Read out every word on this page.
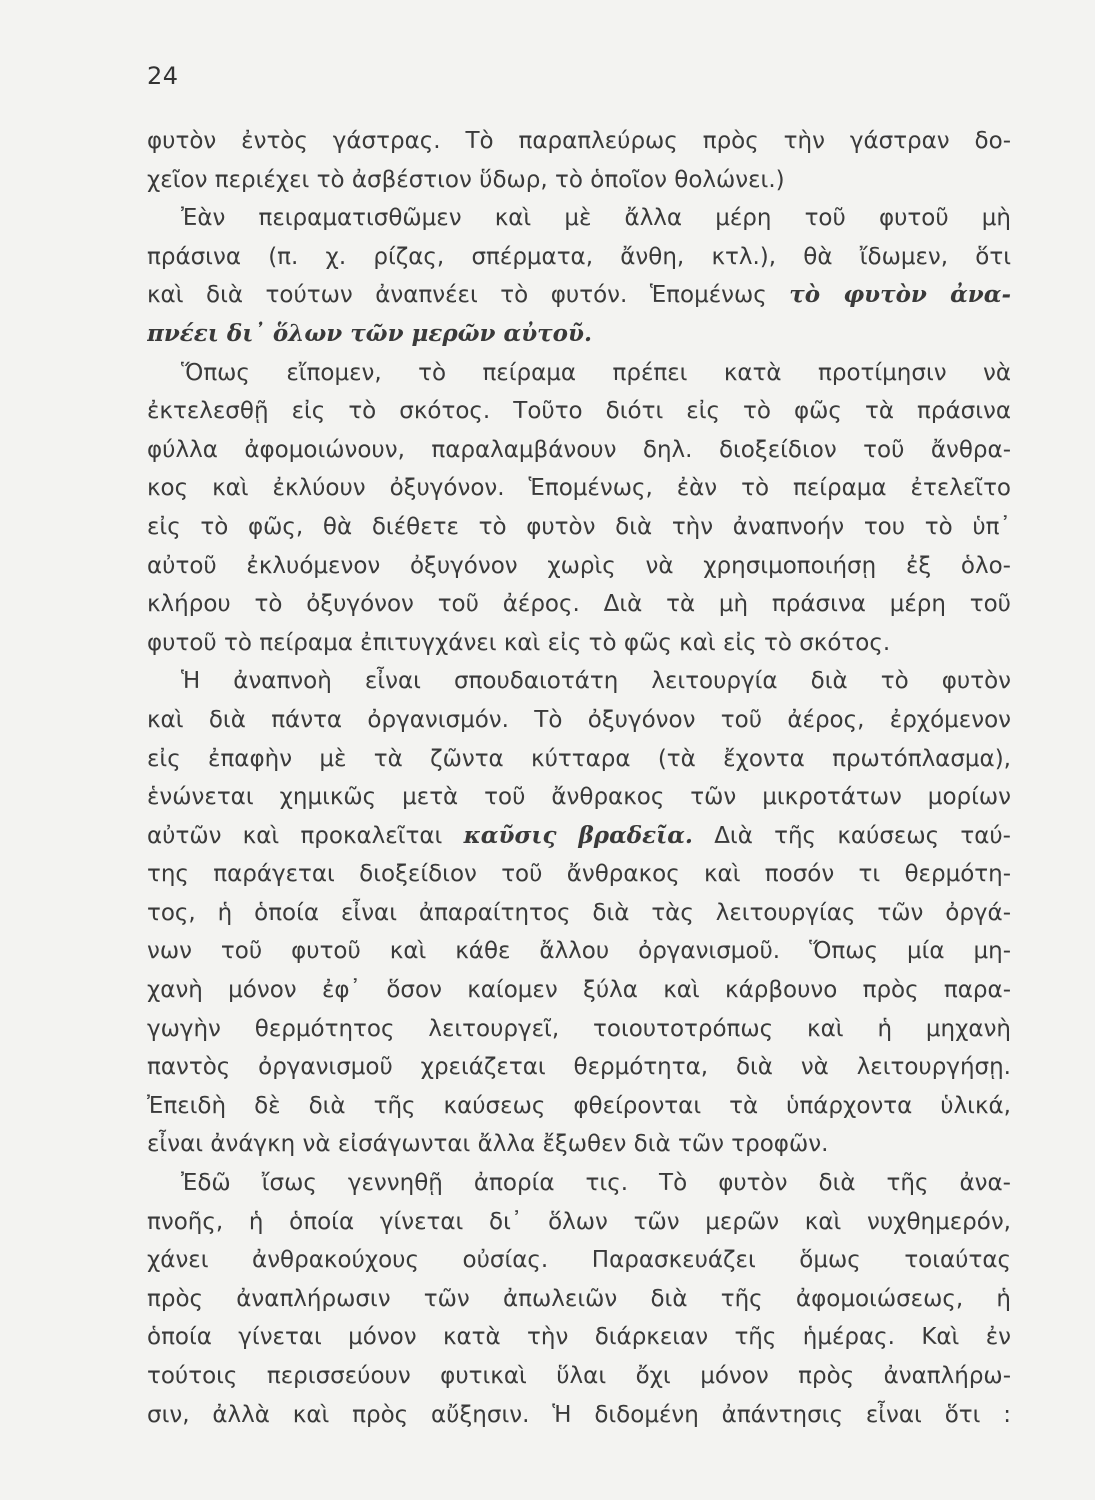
24
φυτὸν ἐντὸς γάστρας. Τὸ παραπλεύρως πρὸς τὴν γάστραν δο-
χεῖον περιέχει τὸ ἀσβέστιον ὕδωρ, τὸ ὁποῖον θολώνει.)
Ἐὰν πειραματισθῶμεν καὶ μὲ ἄλλα μέρη τοῦ φυτοῦ μὴ
πράσινα (π. χ. ρίζας, σπέρματα, ἄνθη, κτλ.), θὰ ἴδωμεν, ὅτι
καὶ διὰ τούτων ἀναπνέει τὸ φυτόν. Ἑπομένως τὸ φυτὸν ἀνα-
πνέει δι᾽ ὅλων τῶν μερῶν αὐτοῦ.
Ὅπως εἴπομεν, τὸ πείραμα πρέπει κατὰ προτίμησιν νὰ
ἐκτελεσθῇ εἰς τὸ σκότος. Τοῦτο διότι εἰς τὸ φῶς τὰ πράσινα
φύλλα ἀφομοιώνουν, παραλαμβάνουν δηλ. διοξείδιον τοῦ ἄνθρα-
κος καὶ ἐκλύουν ὀξυγόνον. Ἑπομένως, ἐὰν τὸ πείραμα ἐτελεῖτο
εἰς τὸ φῶς, θὰ διέθετε τὸ φυτὸν διὰ τὴν ἀναπνοήν του τὸ ὑπ᾽
αὐτοῦ ἐκλυόμενον ὀξυγόνον χωρὶς νὰ χρησιμοποιήσῃ ἐξ ὁλο-
κλήρου τὸ ὀξυγόνον τοῦ ἀέρος. Διὰ τὰ μὴ πράσινα μέρη τοῦ
φυτοῦ τὸ πείραμα ἐπιτυγχάνει καὶ εἰς τὸ φῶς καὶ εἰς τὸ σκότος.
Ἡ ἀναπνοὴ εἶναι σπουδαιοτάτη λειτουργία διὰ τὸ φυτὸν
καὶ διὰ πάντα ὀργανισμόν. Τὸ ὀξυγόνον τοῦ ἀέρος, ἐρχόμενον
εἰς ἐπαφὴν μὲ τὰ ζῶντα κύτταρα (τὰ ἔχοντα πρωτόπλασμα),
ἑνώνεται χημικῶς μετὰ τοῦ ἄνθρακος τῶν μικροτάτων μορίων
αὐτῶν καὶ προκαλεῖται καῦσις βραδεῖα. Διὰ τῆς καύσεως ταύ-
της παράγεται διοξείδιον τοῦ ἄνθρακος καὶ ποσόν τι θερμότη-
τος, ἡ ὁποία εἶναι ἀπαραίτητος διὰ τὰς λειτουργίας τῶν ὀργά-
νων τοῦ φυτοῦ καὶ κάθε ἄλλου ὀργανισμοῦ. Ὅπως μία μη-
χανὴ μόνον ἐφ᾽ ὅσον καίομεν ξύλα καὶ κάρβουνο πρὸς παρα-
γωγὴν θερμότητος λειτουργεῖ, τοιουτοτρόπως καὶ ἡ μηχανὴ
παντὸς ὀργανισμοῦ χρειάζεται θερμότητα, διὰ νὰ λειτουργήσῃ.
Ἐπειδὴ δὲ διὰ τῆς καύσεως φθείρονται τὰ ὑπάρχοντα ὑλικά,
εἶναι ἀνάγκη νὰ εἰσάγωνται ἄλλα ἔξωθεν διὰ τῶν τροφῶν.
Ἐδῶ ἴσως γεννηθῇ ἀπορία τις. Τὸ φυτὸν διὰ τῆς ἀνα-
πνοῆς, ἡ ὁποία γίνεται δι᾽ ὅλων τῶν μερῶν καὶ νυχθημερόν,
χάνει ἀνθρακούχους οὐσίας. Παρασκευάζει ὅμως τοιαύτας
πρὸς ἀναπλήρωσιν τῶν ἀπωλειῶν διὰ τῆς ἀφομοιώσεως, ἡ
ὁποία γίνεται μόνον κατὰ τὴν διάρκειαν τῆς ἡμέρας. Καὶ ἐν
τούτοις περισσεύουν φυτικαὶ ὕλαι ὄχι μόνον πρὸς ἀναπλήρω-
σιν, ἀλλὰ καὶ πρὸς αὔξησιν. Ἡ διδομένη ἀπάντησις εἶναι ὅτι :
